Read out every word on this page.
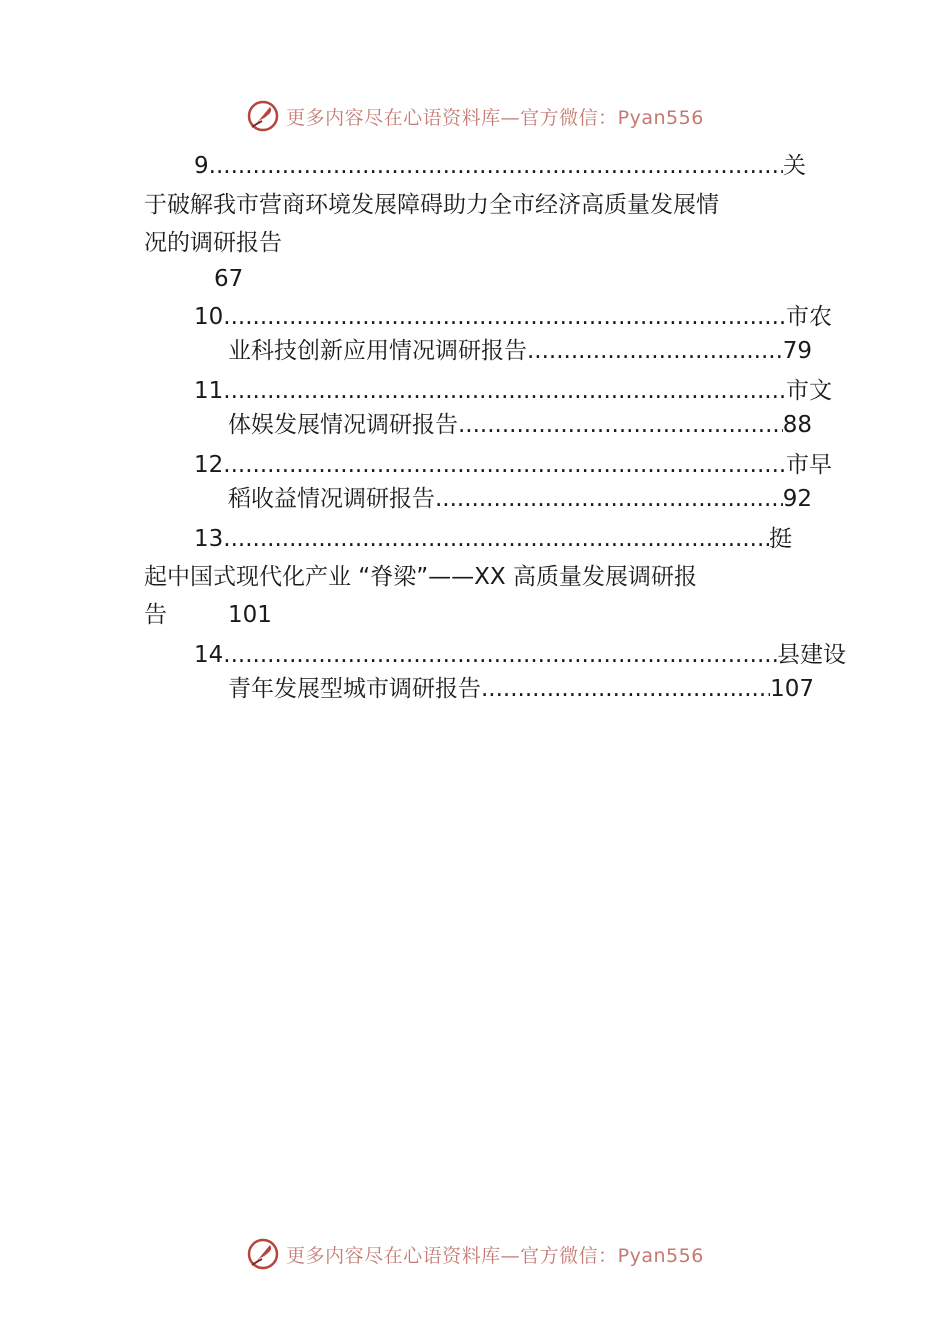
更多内容尽在心语资料库—官方微信：Pyan556
9 .....	关
于破解我市营商环境发展障碍助力全市经济高质量发展情
况的调研报告
67
10 .....	市农
业科技创新应用情况调研报告 .....	79
11 .....	市文
体娱发展情况调研报告 .....	88
12 .....	市早
稻收益情况调研报告 .....	92
13 .....	挺
起中国式现代化产业 “脊梁”——XX 高质量发展调研报
告	101
14 .....	县建设
青年发展型城市调研报告 .....	107
更多内容尽在心语资料库—官方微信：Pyan556
